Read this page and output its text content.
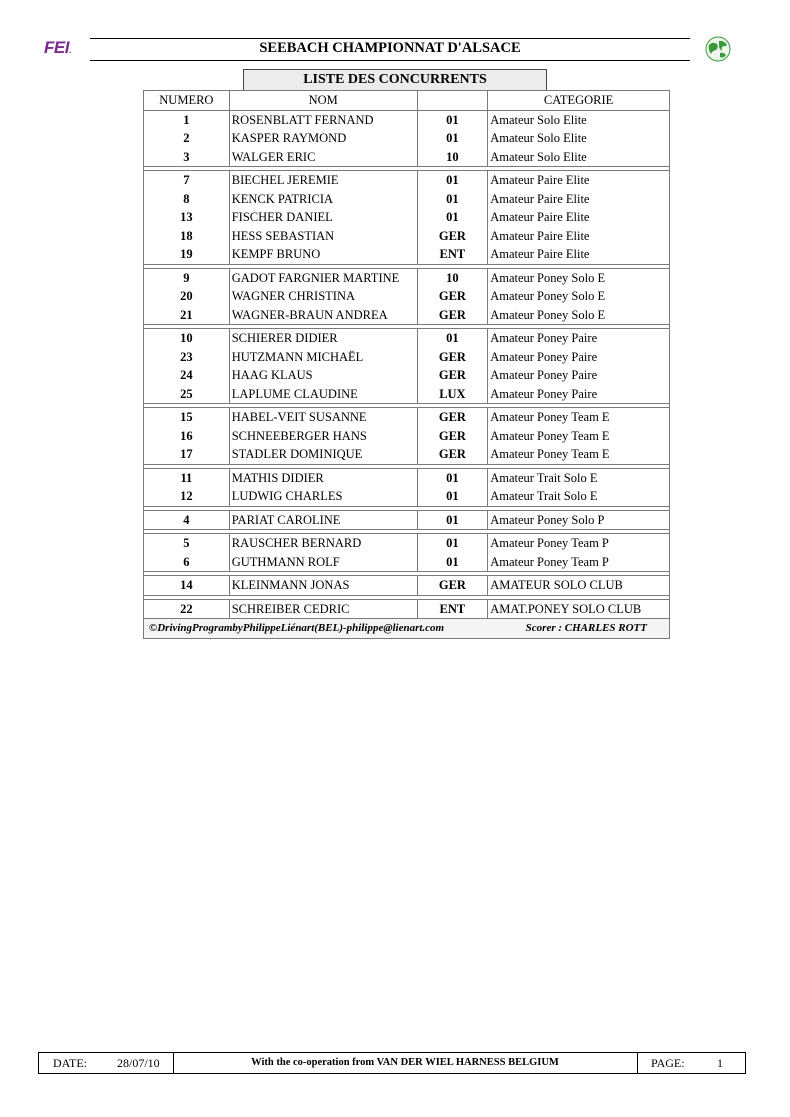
FEI.	SEEBACH CHAMPIONNAT D'ALSACE
LISTE DES CONCURRENTS
NUMERO	NOM		CATEGORIE
1	ROSENBLATT FERNAND	01	Amateur Solo Elite
2	KASPER RAYMOND	01	Amateur Solo Elite
3	WALGER ERIC	10	Amateur Solo Elite

7	BIECHEL JEREMIE	01	Amateur Paire Elite
8	KENCK PATRICIA	01	Amateur Paire Elite
13	FISCHER DANIEL	01	Amateur Paire Elite
18	HESS SEBASTIAN	GER	Amateur Paire Elite
19	KEMPF BRUNO	ENT	Amateur Paire Elite

9	GADOT FARGNIER MARTINE	10	Amateur Poney Solo E
20	WAGNER CHRISTINA	GER	Amateur Poney Solo E
21	WAGNER-BRAUN ANDREA	GER	Amateur Poney Solo E

10	SCHIERER DIDIER	01	Amateur Poney Paire
23	HUTZMANN MICHAËL	GER	Amateur Poney Paire
24	HAAG KLAUS	GER	Amateur Poney Paire
25	LAPLUME CLAUDINE	LUX	Amateur Poney Paire

15	HABEL-VEIT SUSANNE	GER	Amateur Poney Team E
16	SCHNEEBERGER HANS	GER	Amateur Poney Team E
17	STADLER DOMINIQUE	GER	Amateur Poney Team E

11	MATHIS DIDIER	01	Amateur Trait Solo E
12	LUDWIG CHARLES	01	Amateur Trait Solo E

4	PARIAT CAROLINE	01	Amateur Poney Solo P

5	RAUSCHER BERNARD	01	Amateur Poney Team P
6	GUTHMANN ROLF	01	Amateur Poney Team P

14	KLEINMANN JONAS	GER	AMATEUR SOLO CLUB

22	SCHREIBER CEDRIC	ENT	AMAT.PONEY SOLO CLUB
©DrivingProgrambyPhilippeLiénart(BEL)-philippe@lienart.com Scorer : CHARLES ROTT			
DATE:	28/07/10	With the co-operation from VAN DER WIEL HARNESS BELGIUM	PAGE:	1
